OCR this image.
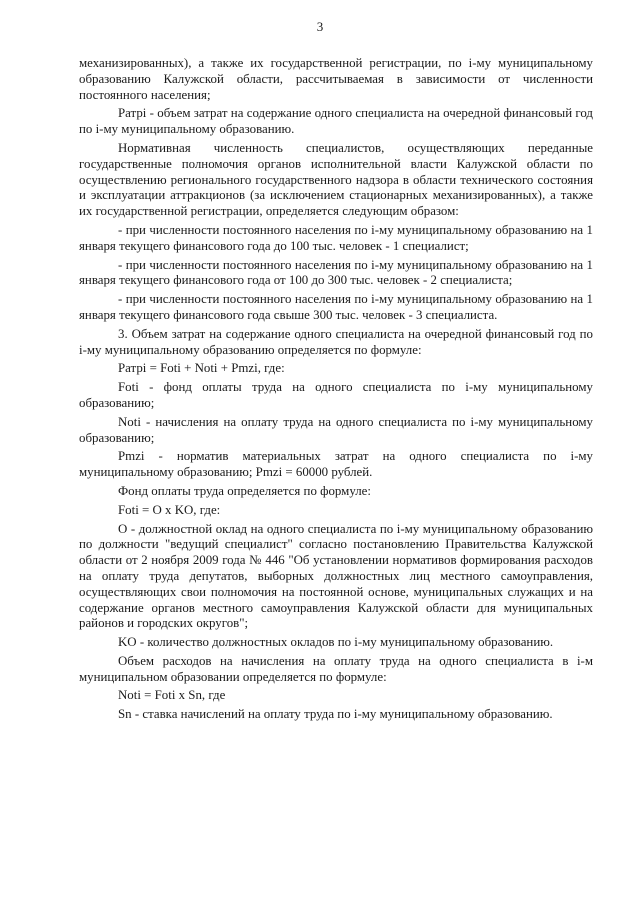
3

механизированных), а также их государственной регистрации, по i-му муниципальному образованию Калужской области, рассчитываемая в зависимости от численности постоянного населения;

Pатрi - объем затрат на содержание одного специалиста на очередной финансовый год по i-му муниципальному образованию.

Нормативная численность специалистов, осуществляющих переданные государственные полномочия органов исполнительной власти Калужской области по осуществлению регионального государственного надзора в области технического состояния и эксплуатации аттракционов (за исключением стационарных механизированных), а также их государственной регистрации, определяется следующим образом:

- при численности постоянного населения по i-му муниципальному образованию на 1 января текущего финансового года до 100 тыс. человек - 1 специалист;

- при численности постоянного населения по i-му муниципальному образованию на 1 января текущего финансового года от 100 до 300 тыс. человек - 2 специалиста;

- при численности постоянного населения по i-му муниципальному образованию на 1 января текущего финансового года свыше 300 тыс. человек - 3 специалиста.

3. Объем затрат на содержание одного специалиста на очередной финансовый год по i-му муниципальному образованию определяется по формуле:

Pатрi = Foti + Noti + Pmzi, где:

Foti - фонд оплаты труда на одного специалиста по i-му муниципальному образованию;

Noti - начисления на оплату труда на одного специалиста по i-му муниципальному образованию;

Pmzi - норматив материальных затрат на одного специалиста по i-му муниципальному образованию; Pmzi = 60000 рублей.

Фонд оплаты труда определяется по формуле:

Foti = O x KO, где:

O - должностной оклад на одного специалиста по i-му муниципальному образованию по должности "ведущий специалист" согласно постановлению Правительства Калужской области от 2 ноября 2009 года № 446 "Об установлении нормативов формирования расходов на оплату труда депутатов, выборных должностных лиц местного самоуправления, осуществляющих свои полномочия на постоянной основе, муниципальных служащих и на содержание органов местного самоуправления Калужской области для муниципальных районов и городских округов";

KO - количество должностных окладов по i-му муниципальному образованию.

Объем расходов на начисления на оплату труда на одного специалиста в i-м муниципальном образовании определяется по формуле:

Noti = Foti x Sn, где

Sn - ставка начислений на оплату труда по i-му муниципальному образованию.
